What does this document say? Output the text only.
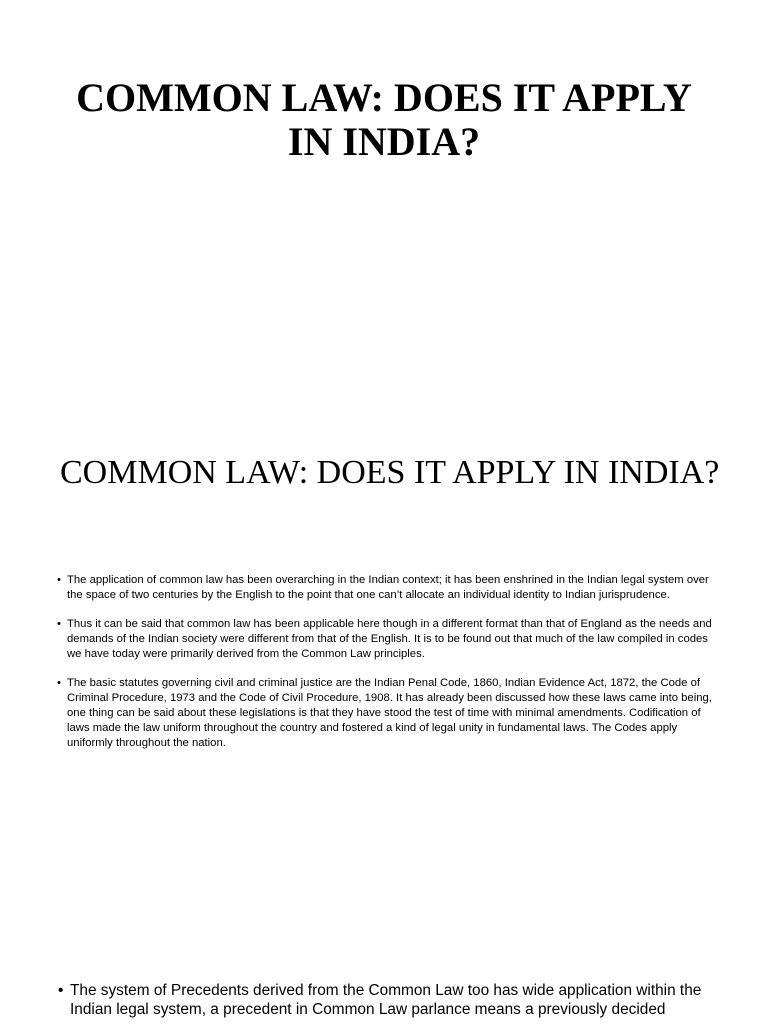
COMMON LAW: DOES IT APPLY IN INDIA?
COMMON LAW: DOES IT APPLY IN INDIA?
• The application of common law has been overarching in the Indian context; it has been enshrined in the Indian legal system over the space of two centuries by the English to the point that one can’t allocate an individual identity to Indian jurisprudence.
• Thus it can be said that common law has been applicable here though in a different format than that of England as the needs and demands of the Indian society were different from that of the English. It is to be found out that much of the law compiled in codes we have today were primarily derived from the Common Law principles.
• The basic statutes governing civil and criminal justice are the Indian Penal Code, 1860, Indian Evidence Act, 1872, the Code of Criminal Procedure, 1973 and the Code of Civil Procedure, 1908. It has already been discussed how these laws came into being, one thing can be said about these legislations is that they have stood the test of time with minimal amendments. Codification of laws made the law uniform throughout the country and fostered a kind of legal unity in fundamental laws. The Codes apply uniformly throughout the nation.
• The system of Precedents derived from the Common Law too has wide application within the Indian legal system, a precedent in Common Law parlance means a previously decided
